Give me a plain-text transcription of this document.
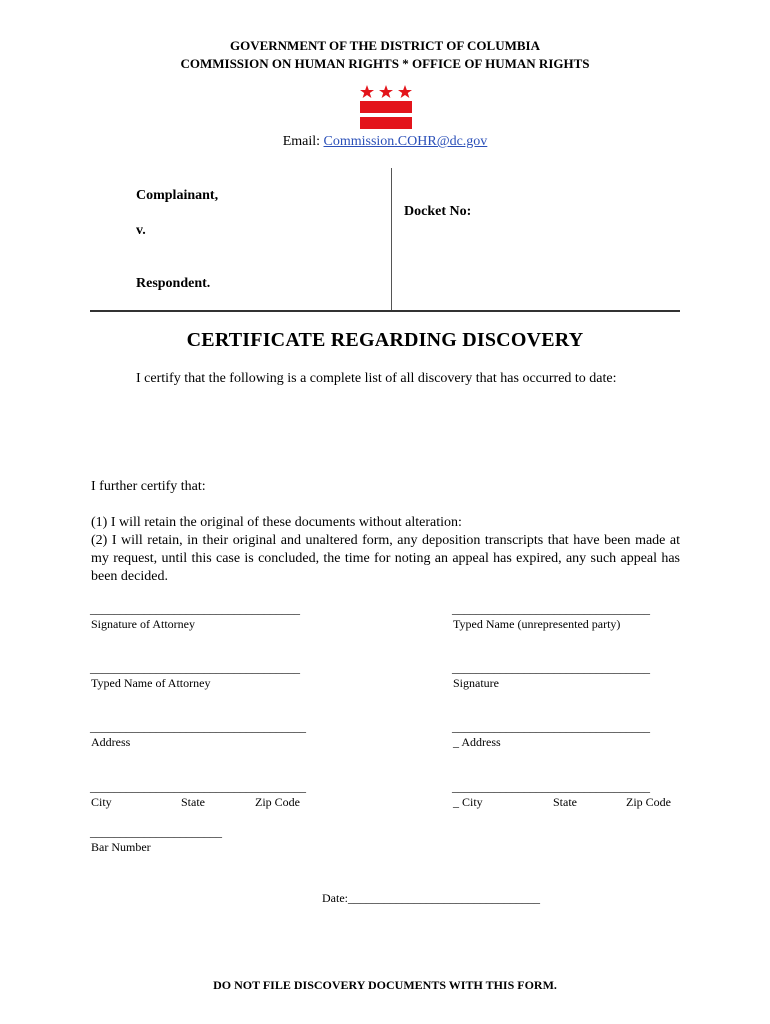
GOVERNMENT OF THE DISTRICT OF COLUMBIA
COMMISSION ON HUMAN RIGHTS * OFFICE OF HUMAN RIGHTS
Email: Commission.COHR@dc.gov
Complainant,
v.
Respondent.
Docket No:
CERTIFICATE REGARDING DISCOVERY
I certify that the following is a complete list of all discovery that has occurred to date:
I further certify that:
(1) I will retain the original of these documents without alteration:
(2) I will retain, in their original and unaltered form, any deposition transcripts that have been made at my request, until this case is concluded, the time for noting an appeal has expired, any such appeal has been decided.
___________________________________
Signature of Attorney
___________________________________
Typed Name of Attorney
____________________________________
Address
____________________________________
City	State	Zip Code
______________________
Bar Number
_________________________________
Typed Name (unrepresented party)
_________________________________
Signature
_________________________________
_ Address
_________________________________
_ City	State	Zip Code

Date:________________________________

DO NOT FILE DISCOVERY DOCUMENTS WITH THIS FORM.
